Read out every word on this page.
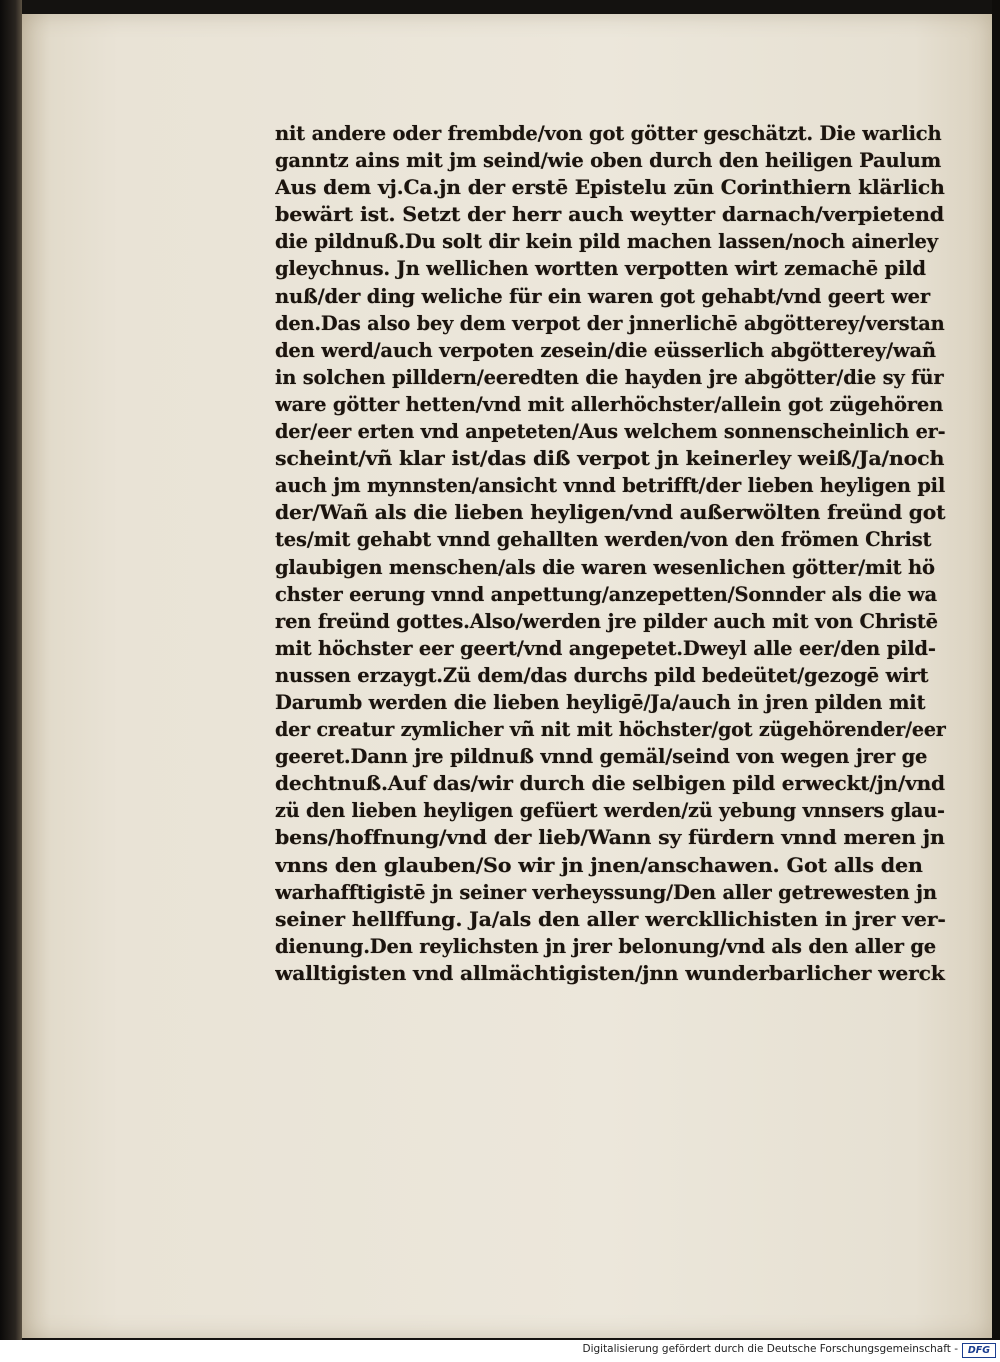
nit andere oder frembde/von got götter geschätzt. Die warlich
ganntz ains mit jm seind/wie oben durch den heiligen Paulum
Aus dem vj.Ca.jn der erstē Epistelu zūn Corinthiern klärlich
bewärt ist. Setzt der herr auch weytter darnach/verpietend
die pildnuß.Du solt dir kein pild machen lassen/noch ainerley
gleychnus. Jn wellichen wortten verpotten wirt zemachē pild
nuß/der ding weliche für ein waren got gehabt/vnd geert wer
den.Das also bey dem verpot der jnnerlichē abgötterey/verstan
den werd/auch verpoten zesein/die eüsserlich abgötterey/wañ
in solchen pilldern/eeredten die hayden jre abgötter/die sy für
ware götter hetten/vnd mit allerhöchster/allein got zügehören
der/eer erten vnd anpeteten/Aus welchem sonnenscheinlich er-
scheint/vñ klar ist/das diß verpot jn keinerley weiß/Ja/noch
auch jm mynnsten/ansicht vnnd betrifft/der lieben heyligen pil
der/Wañ als die lieben heyligen/vnd außerwölten freünd got
tes/mit gehabt vnnd gehallten werden/von den frömen Christ
glaubigen menschen/als die waren wesenlichen götter/mit hö
chster eerung vnnd anpettung/anzepetten/Sonnder als die wa
ren freünd gottes.Also/werden jre pilder auch mit von Christē
mit höchster eer geert/vnd angepetet.Dweyl alle eer/den pild-
nussen erzaygt.Zü dem/das durchs pild bedeütet/gezogē wirt
Darumb werden die lieben heyligē/Ja/auch in jren pilden mit
der creatur zymlicher vñ nit mit höchster/got zügehörender/eer
geeret.Dann jre pildnuß vnnd gemäl/seind von wegen jrer ge
dechtnuß.Auf das/wir durch die selbigen pild erweckt/jn/vnd
zü den lieben heyligen gefüert werden/zü yebung vnnsers glau-
bens/hoffnung/vnd der lieb/Wann sy fürdern vnnd meren jn
vnns den glauben/So wir jn jnen/anschawen. Got alls den
warhafftigistē jn seiner verheyssung/Den aller getrewesten jn
seiner hellffung. Ja/als den aller werckllichisten in jrer ver-
dienung.Den reylichsten jn jrer belonung/vnd als den aller ge
walltigisten vnd allmächtigisten/jnn wunderbarlicher werck
Digitalisierung gefördert durch die Deutsche Forschungsgemeinschaft -	DFG
